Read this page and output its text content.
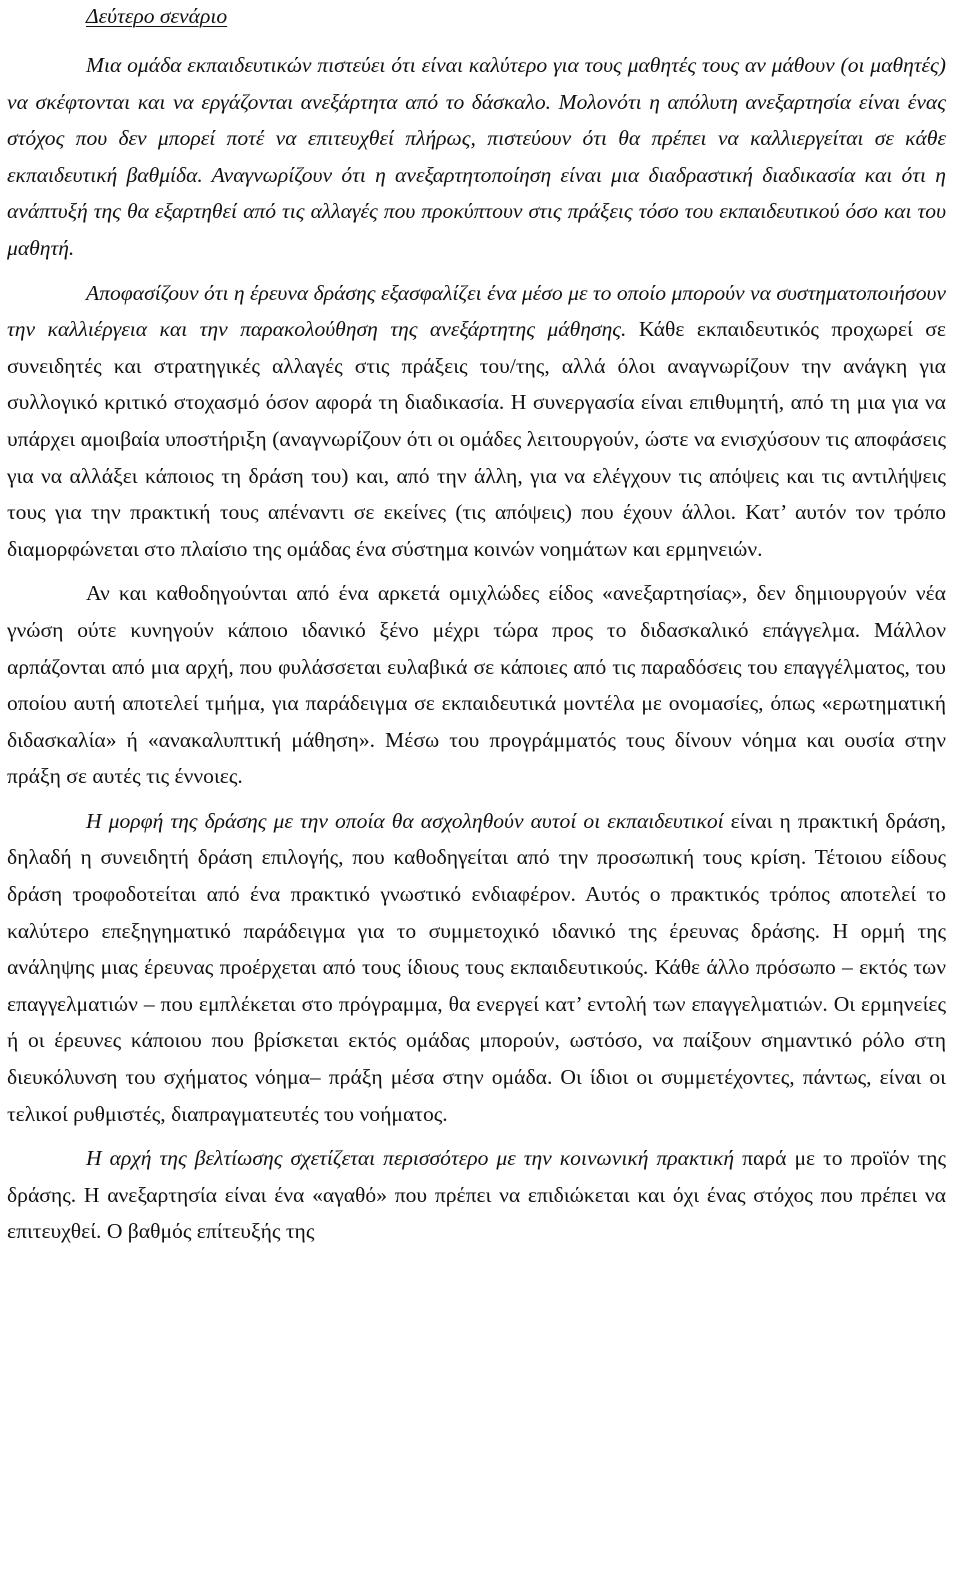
Δεύτερο σενάριο

Μια ομάδα εκπαιδευτικών πιστεύει ότι είναι καλύτερο για τους μαθητές τους αν μάθουν (οι μαθητές) να σκέφτονται και να εργάζονται ανεξάρτητα από το δάσκαλο. Μολονότι η απόλυτη ανεξαρτησία είναι ένας στόχος που δεν μπορεί ποτέ να επιτευχθεί πλήρως, πιστεύουν ότι θα πρέπει να καλλιεργείται σε κάθε εκπαιδευτική βαθμίδα. Αναγνωρίζουν ότι η ανεξαρτητοποίηση είναι μια διαδραστική διαδικασία και ότι η ανάπτυξή της θα εξαρτηθεί από τις αλλαγές που προκύπτουν στις πράξεις τόσο του εκπαιδευτικού όσο και του μαθητή.

Αποφασίζουν ότι η έρευνα δράσης εξασφαλίζει ένα μέσο με το οποίο μπορούν να συστηματοποιήσουν την καλλιέργεια και την παρακολούθηση της ανεξάρτητης μάθησης. Κάθε εκπαιδευτικός προχωρεί σε συνειδητές και στρατηγικές αλλαγές στις πράξεις του/της, αλλά όλοι αναγνωρίζουν την ανάγκη για συλλογικό κριτικό στοχασμό όσον αφορά τη διαδικασία. Η συνεργασία είναι επιθυμητή, από τη μια για να υπάρχει αμοιβαία υποστήριξη (αναγνωρίζουν ότι οι ομάδες λειτουργούν, ώστε να ενισχύσουν τις αποφάσεις για να αλλάξει κάποιος τη δράση του) και, από την άλλη, για να ελέγχουν τις απόψεις και τις αντιλήψεις τους για την πρακτική τους απέναντι σε εκείνες (τις απόψεις) που έχουν άλλοι. Κατ’ αυτόν τον τρόπο διαμορφώνεται στο πλαίσιο της ομάδας ένα σύστημα κοινών νοημάτων και ερμηνειών.

Αν και καθοδηγούνται από ένα αρκετά ομιχλώδες είδος «ανεξαρτησίας», δεν δημιουργούν νέα γνώση ούτε κυνηγούν κάποιο ιδανικό ξένο μέχρι τώρα προς το διδασκαλικό επάγγελμα. Μάλλον αρπάζονται από μια αρχή, που φυλάσσεται ευλαβικά σε κάποιες από τις παραδόσεις του επαγγέλματος, του οποίου αυτή αποτελεί τμήμα, για παράδειγμα σε εκπαιδευτικά μοντέλα με ονομασίες, όπως «ερωτηματική διδασκαλία» ή «ανακαλυπτική μάθηση». Μέσω του προγράμματός τους δίνουν νόημα και ουσία στην πράξη σε αυτές τις έννοιες.

Η μορφή της δράσης με την οποία θα ασχοληθούν αυτοί οι εκπαιδευτικοί είναι η πρακτική δράση, δηλαδή η συνειδητή δράση επιλογής, που καθοδηγείται από την προσωπική τους κρίση. Τέτοιου είδους δράση τροφοδοτείται από ένα πρακτικό γνωστικό ενδιαφέρον. Αυτός ο πρακτικός τρόπος αποτελεί το καλύτερο επεξηγηματικό παράδειγμα για το συμμετοχικό ιδανικό της έρευνας δράσης. Η ορμή της ανάληψης μιας έρευνας προέρχεται από τους ίδιους τους εκπαιδευτικούς. Κάθε άλλο πρόσωπο – εκτός των επαγγελματιών – που εμπλέκεται στο πρόγραμμα, θα ενεργεί κατ’ εντολή των επαγγελματιών. Οι ερμηνείες ή οι έρευνες κάποιου που βρίσκεται εκτός ομάδας μπορούν, ωστόσο, να παίξουν σημαντικό ρόλο στη διευκόλυνση του σχήματος νόημα– πράξη μέσα στην ομάδα. Οι ίδιοι οι συμμετέχοντες, πάντως, είναι οι τελικοί ρυθμιστές, διαπραγματευτές του νοήματος.

Η αρχή της βελτίωσης σχετίζεται περισσότερο με την κοινωνική πρακτική παρά με το προϊόν της δράσης. Η ανεξαρτησία είναι ένα «αγαθό» που πρέπει να επιδιώκεται και όχι ένας στόχος που πρέπει να επιτευχθεί. Ο βαθμός επίτευξής της
